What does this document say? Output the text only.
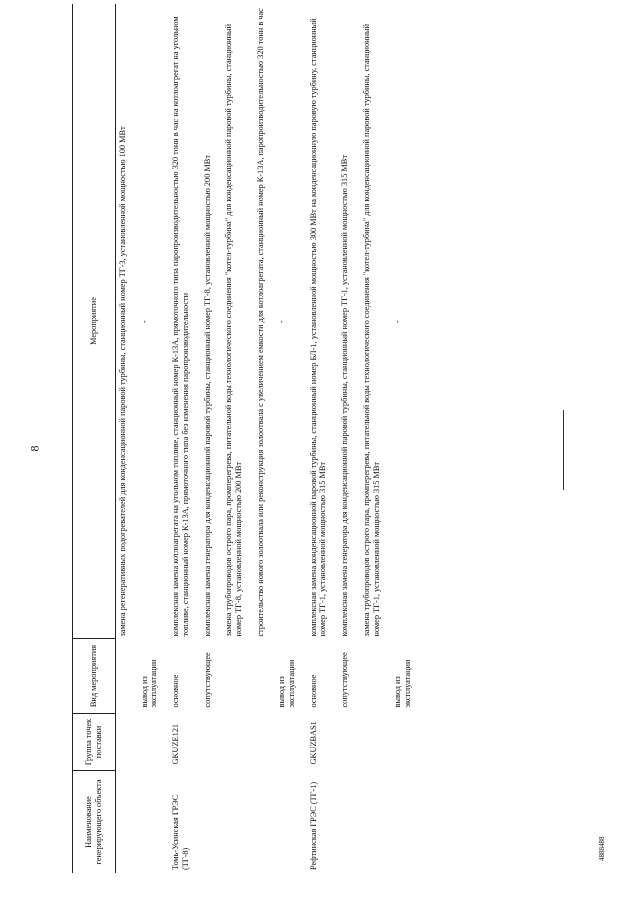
8
4888488
Наименование генерирующего объекта	Группа точек поставки	Вид мероприятия	Мероприятие
			замена регенеративных подогревателей для конденсационной паровой турбины, станционный номер ТГ-3, установленной мощностью 100 МВт

		вывод из эксплуатации	-

Томь-Усинская ГРЭС (ТГ-8)	GKUZE121	основное	комплексная замена котлоагрегата на угольном топливе, станционный номер К-13А, прямоточного типа паропроизводительностью 320 тонн в час на котлоагрегат на угольном топливе, станционный номер К-13А, прямоточного типа без изменения паропроизводительности

		сопутствующее	комплексная замена генератора для конденсационной паровой турбины, станционный номер ТГ-8, установленной мощностью 200 МВт

			замена трубопроводов острого пара, промперегрева, питательной воды технологического соединения "котел-турбина" для конденсационной паровой турбины, станционный номер ТГ-8, установленной мощностью 200 МВт

			строительство нового золоотвала или реконструкция золоотвала с увеличением емкости для котлоагрегата, станционный номер К-13А, паропроизводительностью 320 тонн в час

		вывод из эксплуатации	-

Рефтинская ГРЭС (ТГ-1)	GKUZBAS1	основное	комплексная замена конденсационной паровой турбины, станционный номер БЛ-1, установленной мощностью 300 МВт на конденсационную паровую турбину, станционный номер ТГ-1, установленной мощностью 315 МВт

		сопутствующее	комплексная замена генератора для конденсационной паровой турбины, станционный номер ТГ-1, установленной мощностью 315 МВт

			замена трубопроводов острого пара, промперегрева, питательной воды технологического соединения "котел-турбина" для конденсационной паровой турбины, станционный номер ТГ-1, установленной мощностью 315 МВт

		вывод из эксплуатации	-
